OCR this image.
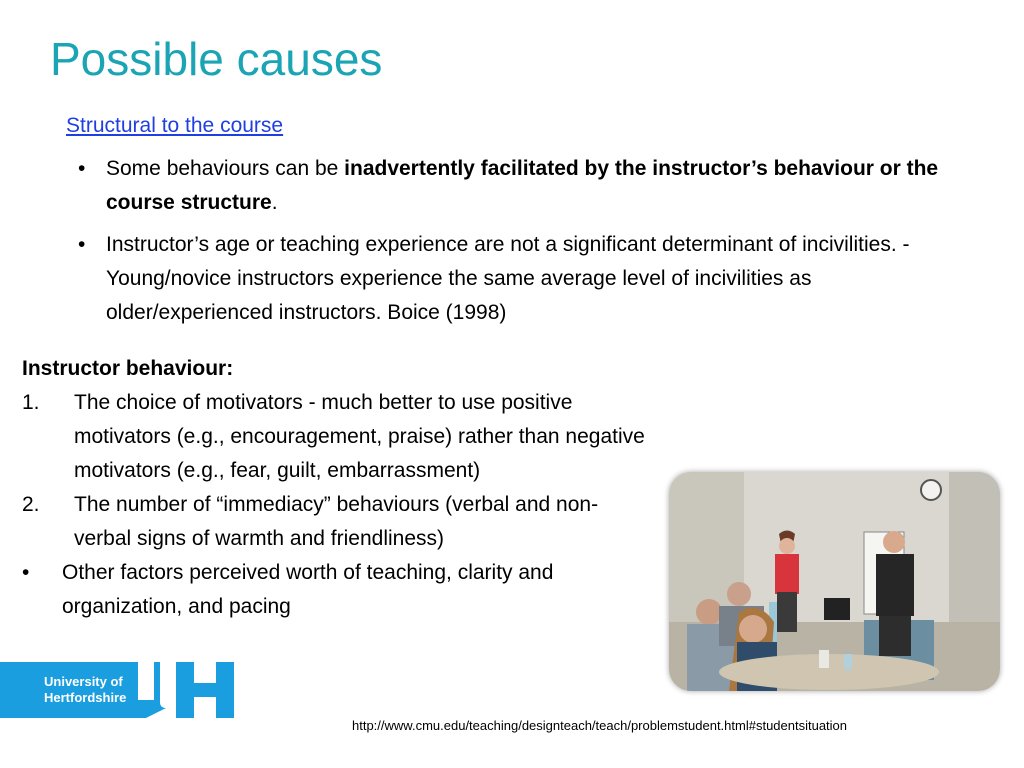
Possible causes
Structural to the course
• Some behaviours can be inadvertently facilitated by the instructor’s behaviour or the course structure.
• Instructor’s age or teaching experience are not a significant determinant of incivilities. - Young/novice instructors experience the same average level of incivilities as older/experienced instructors. Boice (1998)
Instructor behaviour:
1. The choice of motivators - much better to use positive motivators (e.g., encouragement, praise) rather than negative motivators (e.g., fear, guilt, embarrassment)
2. The number of “immediacy” behaviours (verbal and non-verbal signs of warmth and friendliness)
• Other factors perceived worth of teaching, clarity and organization, and pacing
University of
Hertfordshire
http://www.cmu.edu/teaching/designteach/teach/problemstudent.html#studentsituation
